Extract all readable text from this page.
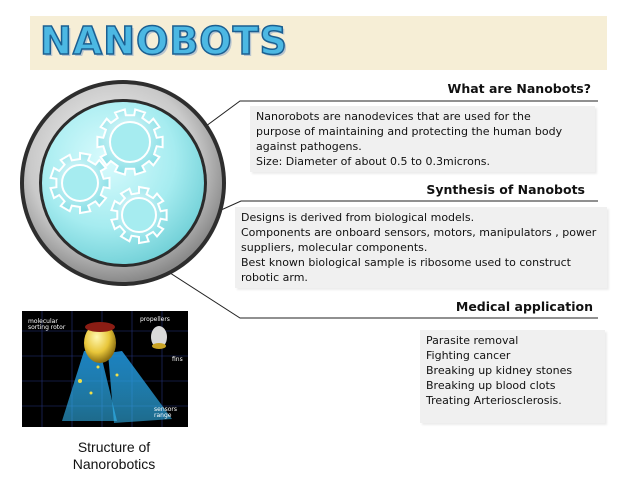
NANOBOTS
What are Nanobots?
Nanorobots are nanodevices that are used for the
purpose of maintaining and protecting the human body
against pathogens.
Size: Diameter of about 0.5 to 0.3microns.
Synthesis of Nanobots
Designs is derived from biological models.
Components are onboard sensors, motors, manipulators , power
suppliers, molecular components.
Best known biological sample is ribosome used to construct
robotic arm.
Medical application
Parasite removal
Fighting cancer
Breaking up kidney stones
Breaking up blood clots
Treating Arteriosclerosis.
molecular sorting rotor
propellers
fins
sensors range
Structure of
Nanorobotics
